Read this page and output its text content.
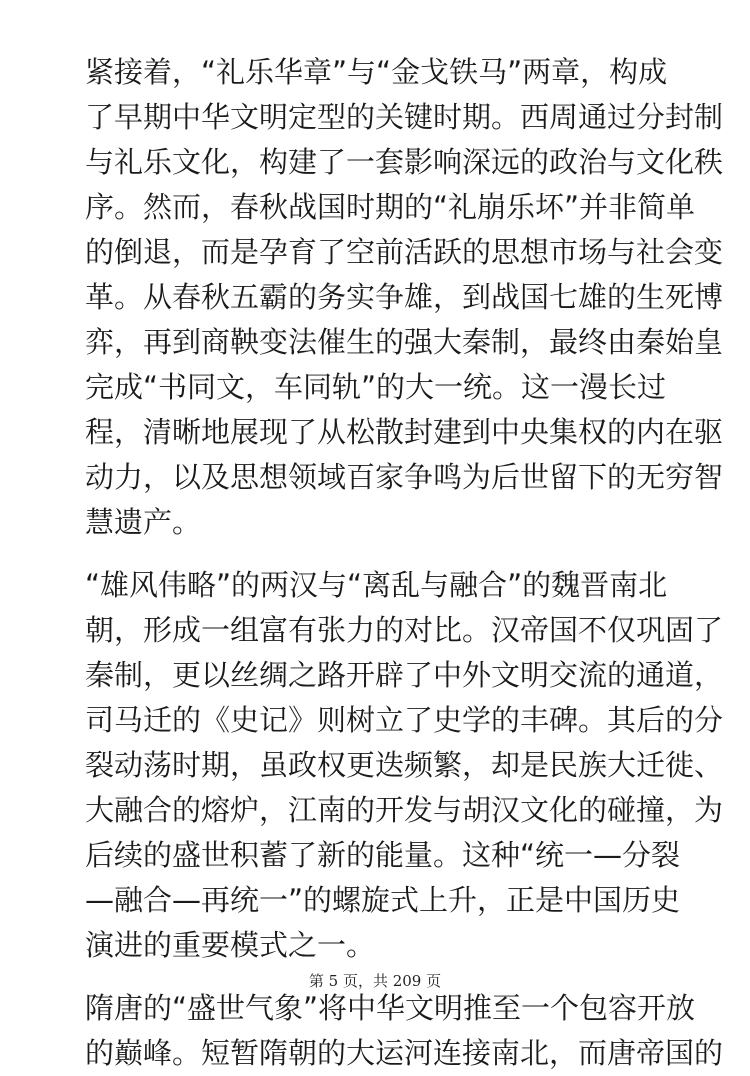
紧接着，“礼乐华章”与“金戈铁马”两章，构成
了早期中华文明定型的关键时期。西周通过分封制
与礼乐文化，构建了一套影响深远的政治与文化秩
序。然而，春秋战国时期的“礼崩乐坏”并非简单
的倒退，而是孕育了空前活跃的思想市场与社会变
革。从春秋五霸的务实争雄，到战国七雄的生死博
弈，再到商鞅变法催生的强大秦制，最终由秦始皇
完成“书同文，车同轨”的大一统。这一漫长过
程，清晰地展现了从松散封建到中央集权的内在驱
动力，以及思想领域百家争鸣为后世留下的无穷智
慧遗产。

“雄风伟略”的两汉与“离乱与融合”的魏晋南北
朝，形成一组富有张力的对比。汉帝国不仅巩固了
秦制，更以丝绸之路开辟了中外文明交流的通道，
司马迁的《史记》则树立了史学的丰碑。其后的分
裂动荡时期，虽政权更迭频繁，却是民族大迁徙、
大融合的熔炉，江南的开发与胡汉文化的碰撞，为
后续的盛世积蓄了新的能量。这种“统一—分裂
—融合—再统一”的螺旋式上升，正是中国历史
演进的重要模式之一。

隋唐的“盛世气象”将中华文明推至一个包容开放
的巅峰。短暂隋朝的大运河连接南北，而唐帝国的

第 5 页，共 209 页
